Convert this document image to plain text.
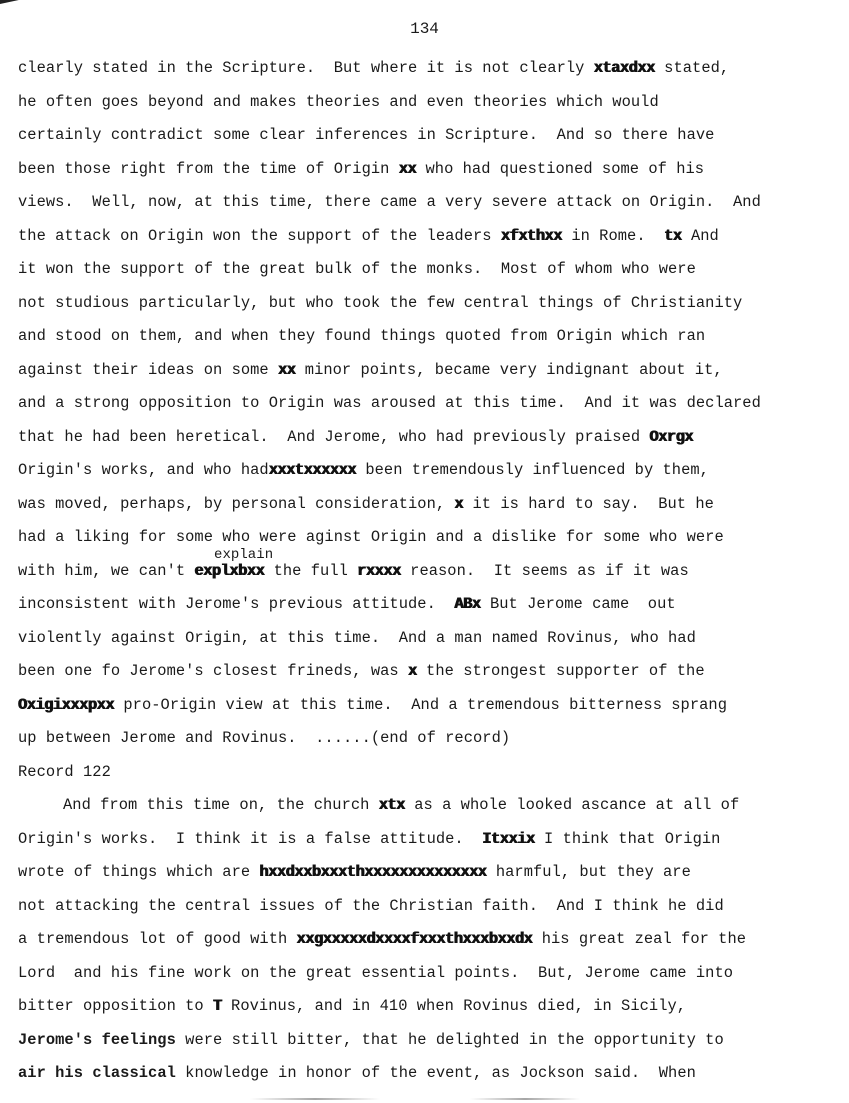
134
clearly stated in the Scripture.  But where it is not clearly xtaxdxx stated,
he often goes beyond and makes theories and even theories which would
certainly contradict some clear inferences in Scripture.  And so there have
been those right from the time of Origin xx who had questioned some of his
views.  Well, now, at this time, there came a very severe attack on Origin.  And
the attack on Origin won the support of the leaders xfxthxx in Rome.  tx And
it won the support of the great bulk of the monks.  Most of whom who were
not studious particularly, but who took the few central things of Christianity
and stood on them, and when they found things quoted from Origin which ran
against their ideas on some xx minor points, became very indignant about it,
and a strong opposition to Origin was aroused at this time.  And it was declared
that he had been heretical.  And Jerome, who had previously praised Oxrgx
Origin's works, and who hadxxxtxxxxxx been tremendously influenced by them,
was moved, perhaps, by personal consideration, x it is hard to say.  But he
had a liking for some who were aginst Origin and a dislike for some who were
explain
with him, we can't explxbxx the full rxxxx reason.  It seems as if it was
inconsistent with Jerome's previous attitude.  ABx But Jerome came  out
violently against Origin, at this time.  And a man named Rovinus, who had
been one fo Jerome's closest frineds, was x the strongest supporter of the
Oxigixxxpxx pro-Origin view at this time.  And a tremendous bitterness sprang
up between Jerome and Rovinus.  ......(end of record)
Record 122
And from this time on, the church xtx as a whole looked ascance at all of
Origin's works.  I think it is a false attitude.  Itxxix I think that Origin
wrote of things which are hxxdxxbxxxthxxxxxxxxxxxxxx harmful, but they are
not attacking the central issues of the Christian faith.  And I think he did
a tremendous lot of good with xxgxxxxxdxxxxfxxxthxxxbxxdx his great zeal for the
Lord  and his fine work on the great essential points.  But, Jerome came into
bitter opposition to T Rovinus, and in 410 when Rovinus died, in Sicily,
Jerome's feelings were still bitter, that he delighted in the opportunity to
air his classical knowledge in honor of the event, as Jockson said.  When
